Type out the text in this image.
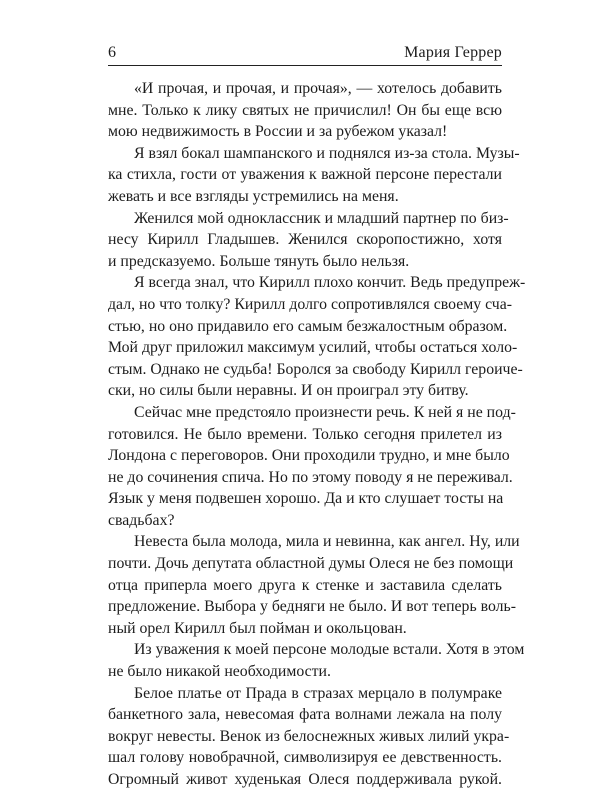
6	Мария Геррер
«И прочая, и прочая, и прочая», — хотелось добавить
мне. Только к лику святых не причислил! Он бы еще всю
мою недвижимость в России и за рубежом указал!
Я взял бокал шампанского и поднялся из-за стола. Музы-
ка стихла, гости от уважения к важной персоне перестали
жевать и все взгляды устремились на меня.
Женился мой одноклассник и младший партнер по биз-
несу Кирилл Гладышев. Женился скоропостижно, хотя
и предсказуемо. Больше тянуть было нельзя.
Я всегда знал, что Кирилл плохо кончит. Ведь предупреж-
дал, но что толку? Кирилл долго сопротивлялся своему сча-
стью, но оно придавило его самым безжалостным образом.
Мой друг приложил максимум усилий, чтобы остаться холо-
стым. Однако не судьба! Боролся за свободу Кирилл героиче-
ски, но силы были неравны. И он проиграл эту битву.
Сейчас мне предстояло произнести речь. К ней я не под-
готовился. Не было времени. Только сегодня прилетел из
Лондона с переговоров. Они проходили трудно, и мне было
не до сочинения спича. Но по этому поводу я не переживал.
Язык у меня подвешен хорошо. Да и кто слушает тосты на
свадьбах?
Невеста была молода, мила и невинна, как ангел. Ну, или
почти. Дочь депутата областной думы Олеся не без помощи
отца приперла моего друга к стенке и заставила сделать
предложение. Выбора у бедняги не было. И вот теперь воль-
ный орел Кирилл был пойман и окольцован.
Из уважения к моей персоне молодые встали. Хотя в этом
не было никакой необходимости.
Белое платье от Прада в стразах мерцало в полумраке
банкетного зала, невесомая фата волнами лежала на полу
вокруг невесты. Венок из белоснежных живых лилий укра-
шал голову новобрачной, символизируя ее девственность.
Огромный живот худенькая Олеся поддерживала рукой.
